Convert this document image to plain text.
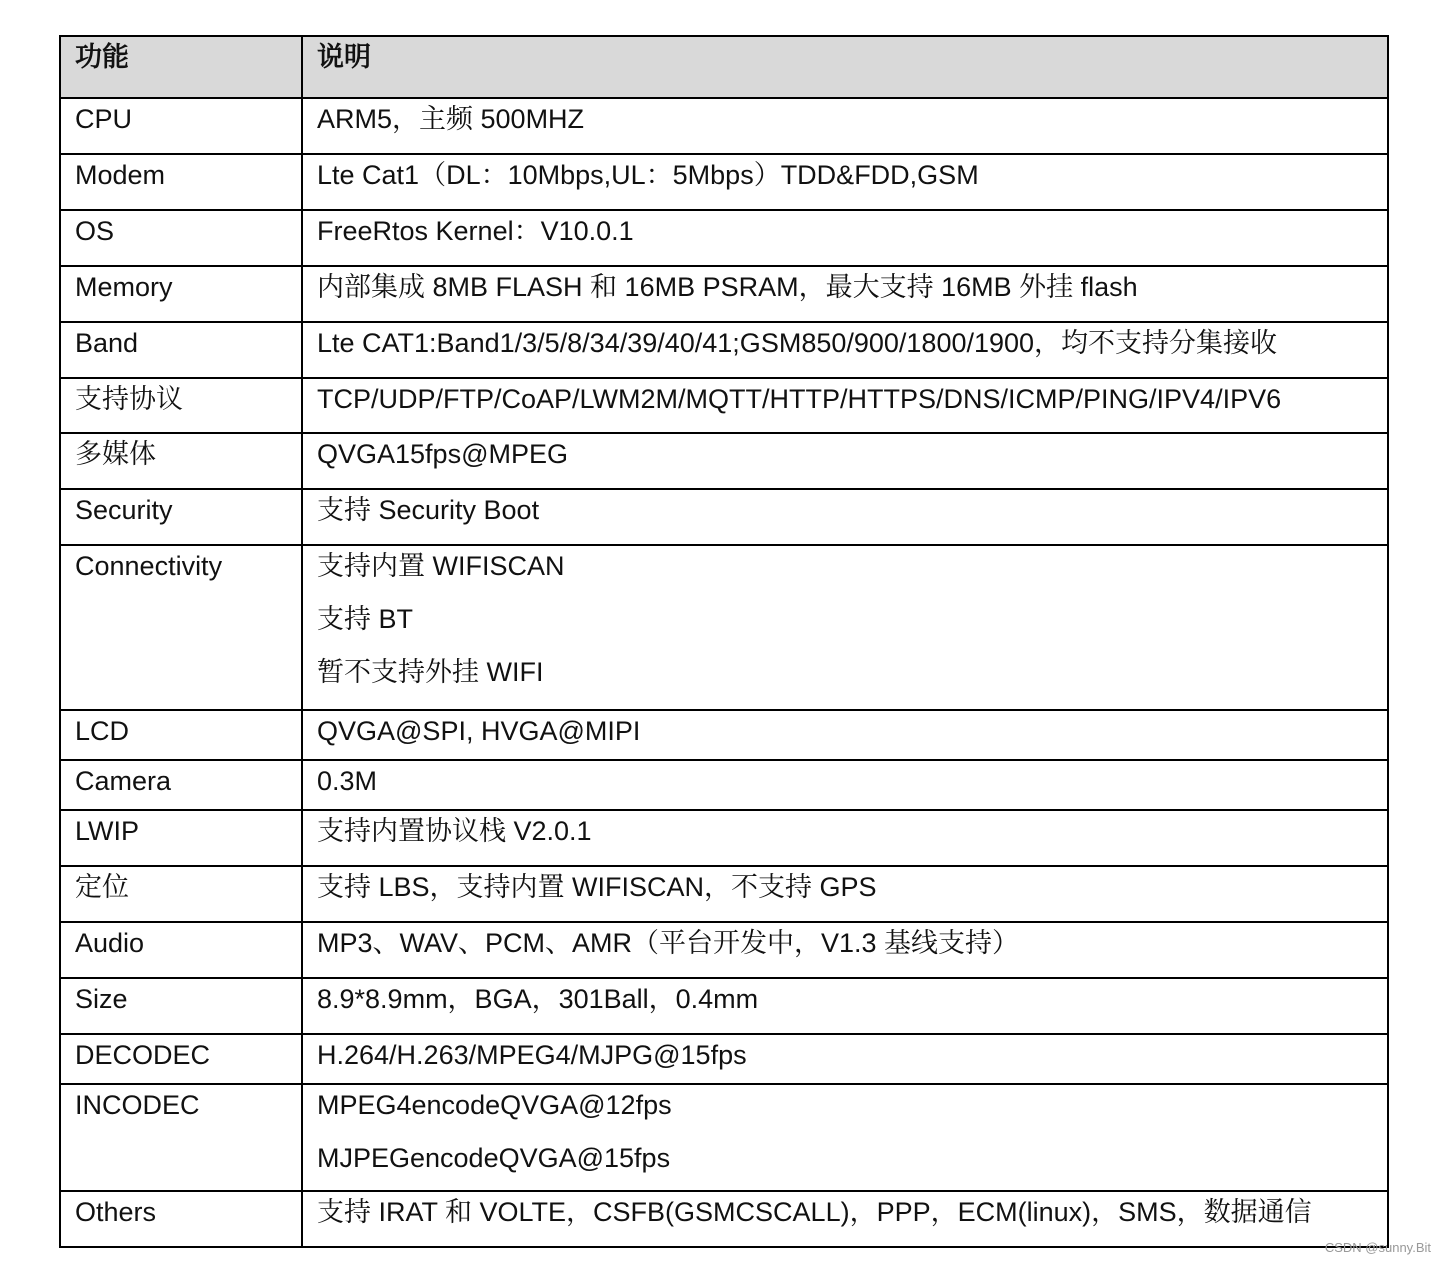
功能	说明
CPU	ARM5，主频 500MHZ

Modem	Lte Cat1（DL：10Mbps,UL：5Mbps）TDD&FDD,GSM

OS	FreeRtos Kernel：V10.0.1

Memory	内部集成 8MB FLASH 和 16MB PSRAM，最大支持 16MB 外挂 flash

Band	Lte CAT1:Band1/3/5/8/34/39/40/41;GSM850/900/1800/1900，均不支持分集接收

支持协议	TCP/UDP/FTP/CoAP/LWM2M/MQTT/HTTP/HTTPS/DNS/ICMP/PING/IPV4/IPV6

多媒体	QVGA15fps@MPEG

Security	支持 Security Boot

Connectivity	支持内置 WIFISCAN
支持 BT
暂不支持外挂 WIFI

LCD	QVGA@SPI, HVGA@MIPI

Camera	0.3M

LWIP	支持内置协议栈 V2.0.1

定位	支持 LBS，支持内置 WIFISCAN，不支持 GPS

Audio	MP3、WAV、PCM、AMR（平台开发中，V1.3 基线支持）

Size	8.9*8.9mm，BGA，301Ball，0.4mm

DECODEC	H.264/H.263/MPEG4/MJPG@15fps

INCODEC	MPEG4encodeQVGA@12fps
MJPEGencodeQVGA@15fps

Others	支持 IRAT 和 VOLTE，CSFB(GSMCSCALL)，PPP，ECM(linux)，SMS，数据通信
CSDN @sunny.Bit
